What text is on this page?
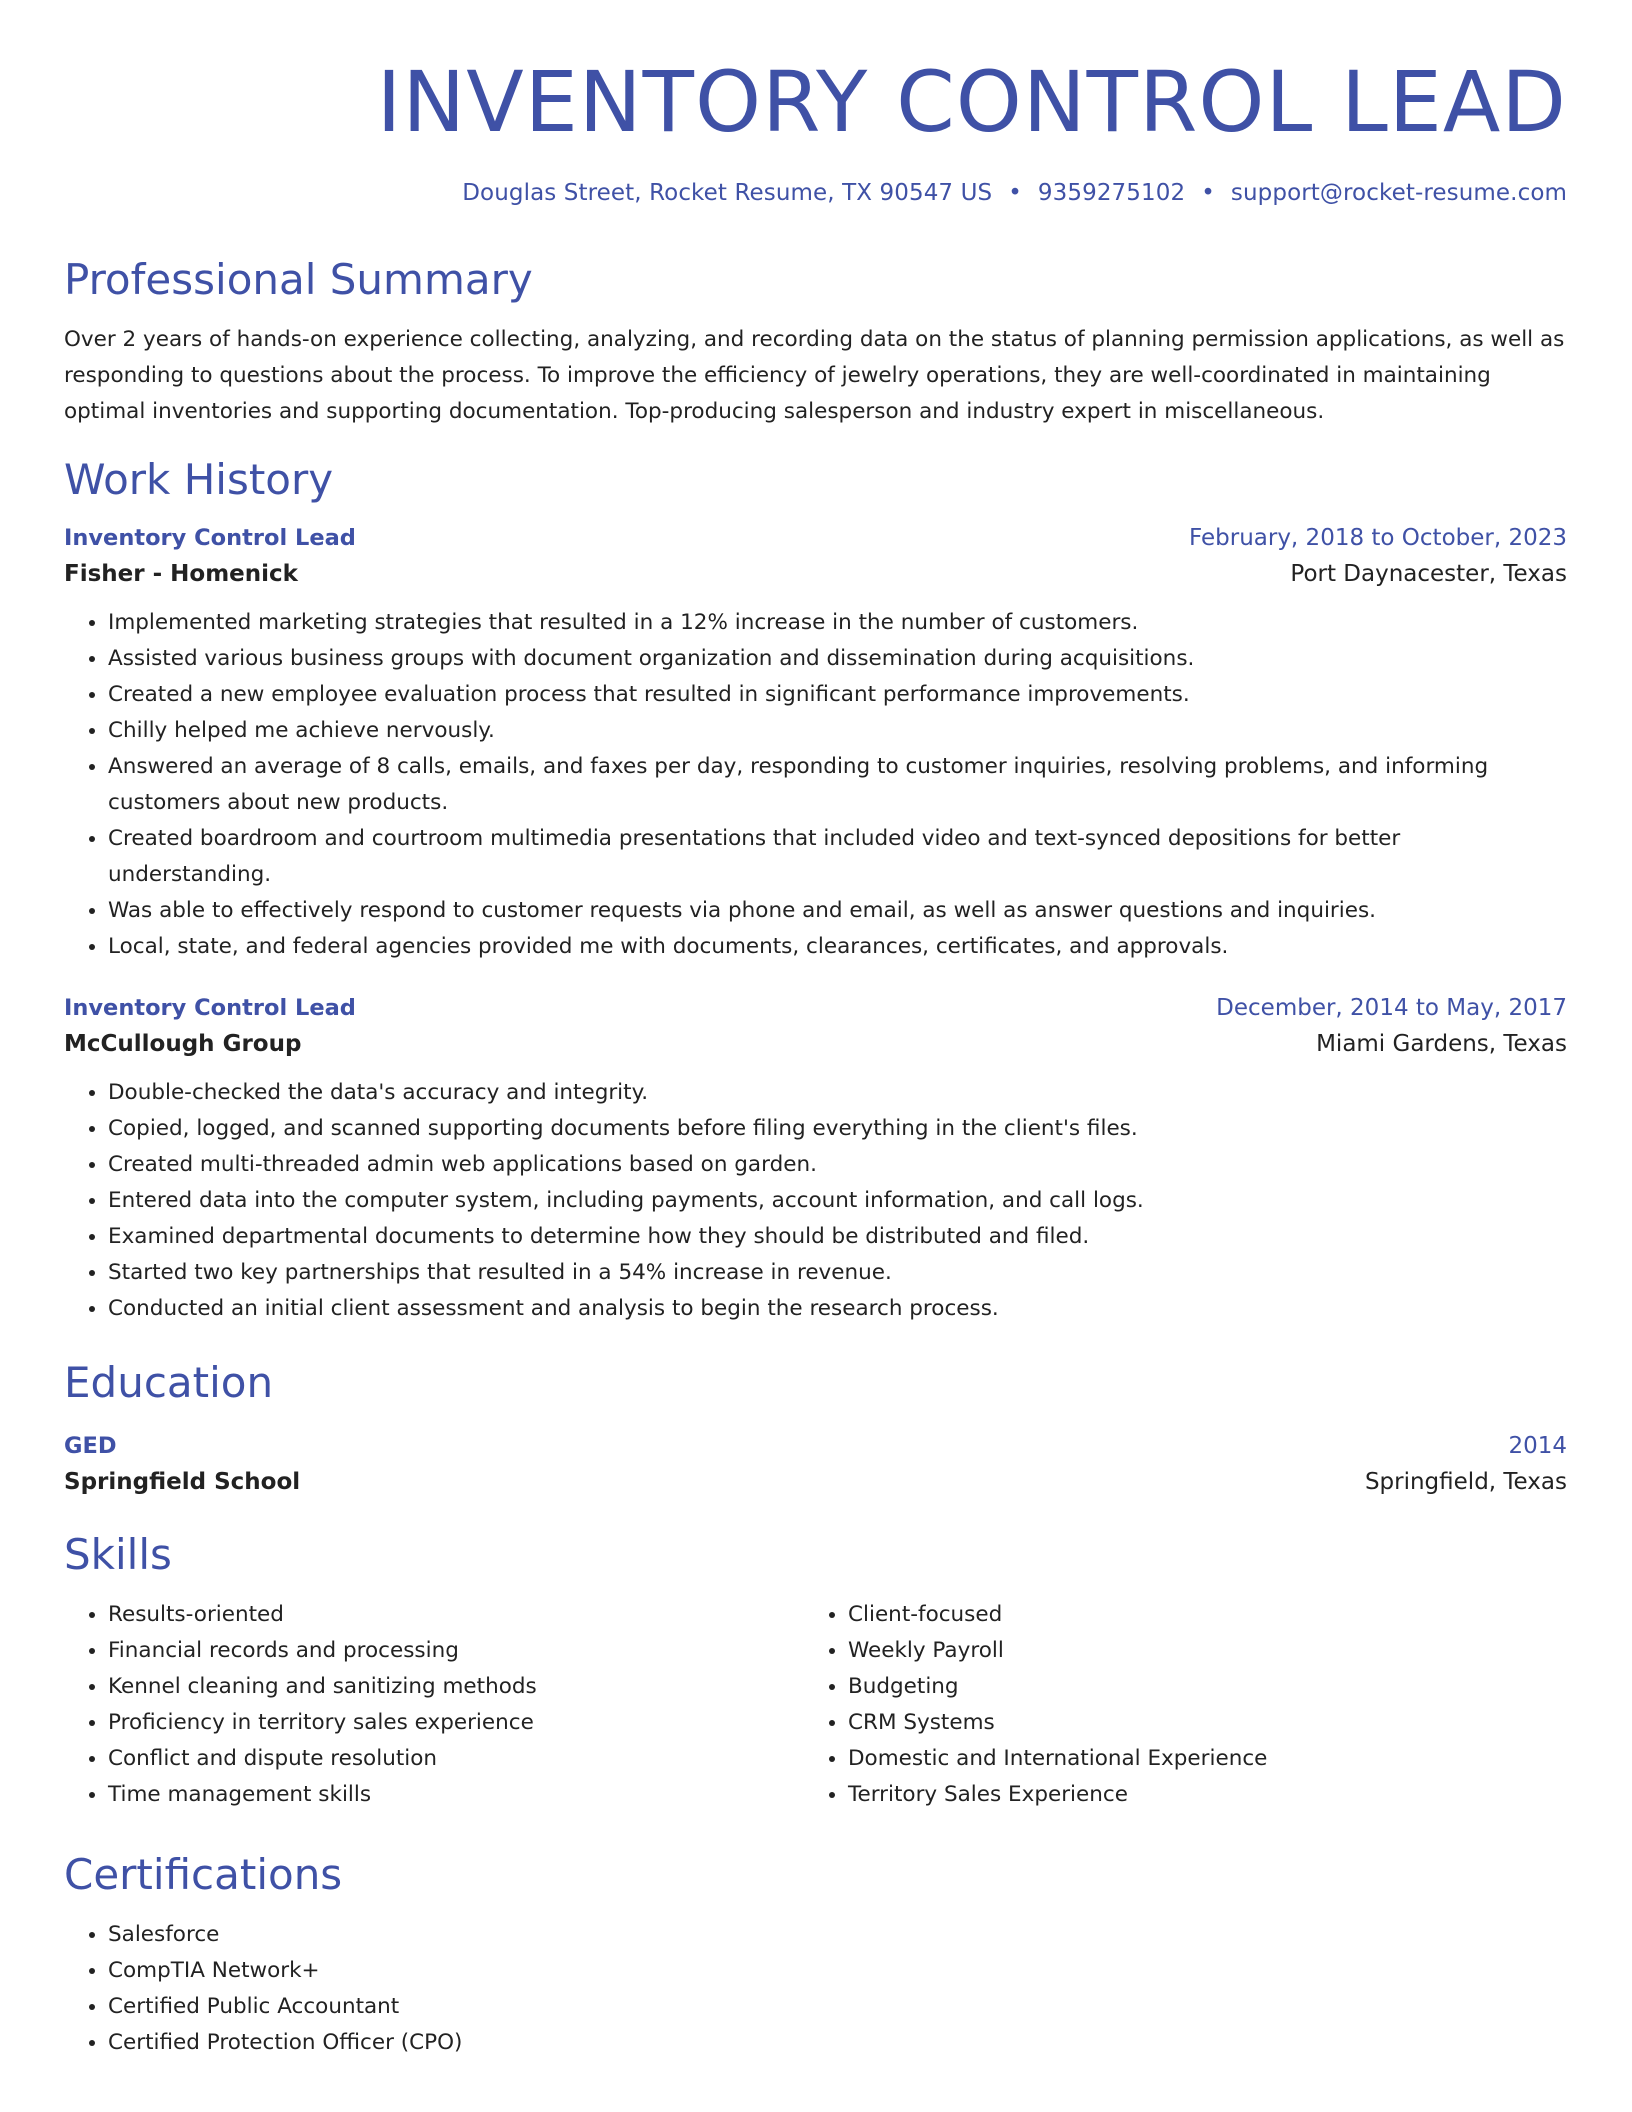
INVENTORY CONTROL LEAD
Douglas Street, Rocket Resume, TX 90547 US • 9359275102 • support@rocket-resume.com
Professional Summary

Over 2 years of hands-on experience collecting, analyzing, and recording data on the status of planning permission applications, as well as responding to questions about the process. To improve the efficiency of jewelry operations, they are well-coordinated in maintaining optimal inventories and supporting documentation. Top-producing salesperson and industry expert in miscellaneous.

Work History
Inventory Control Lead	February, 2018 to October, 2023
Fisher - Homenick	Port Daynacester, Texas
• Implemented marketing strategies that resulted in a 12% increase in the number of customers.
• Assisted various business groups with document organization and dissemination during acquisitions.
• Created a new employee evaluation process that resulted in significant performance improvements.
• Chilly helped me achieve nervously.
• Answered an average of 8 calls, emails, and faxes per day, responding to customer inquiries, resolving problems, and informing customers about new products.
• Created boardroom and courtroom multimedia presentations that included video and text-synced depositions for better understanding.
• Was able to effectively respond to customer requests via phone and email, as well as answer questions and inquiries.
• Local, state, and federal agencies provided me with documents, clearances, certificates, and approvals.
Inventory Control Lead	December, 2014 to May, 2017
McCullough Group	Miami Gardens, Texas
• Double-checked the data's accuracy and integrity.
• Copied, logged, and scanned supporting documents before filing everything in the client's files.
• Created multi-threaded admin web applications based on garden.
• Entered data into the computer system, including payments, account information, and call logs.
• Examined departmental documents to determine how they should be distributed and filed.
• Started two key partnerships that resulted in a 54% increase in revenue.
• Conducted an initial client assessment and analysis to begin the research process.
Education
GED	2014
Springfield School	Springfield, Texas
Skills
• Results-oriented
• Financial records and processing
• Kennel cleaning and sanitizing methods
• Proficiency in territory sales experience
• Conflict and dispute resolution
• Time management skills
• Client-focused
• Weekly Payroll
• Budgeting
• CRM Systems
• Domestic and International Experience
• Territory Sales Experience
Certifications
• Salesforce
• CompTIA Network+
• Certified Public Accountant
• Certified Protection Officer (CPO)
